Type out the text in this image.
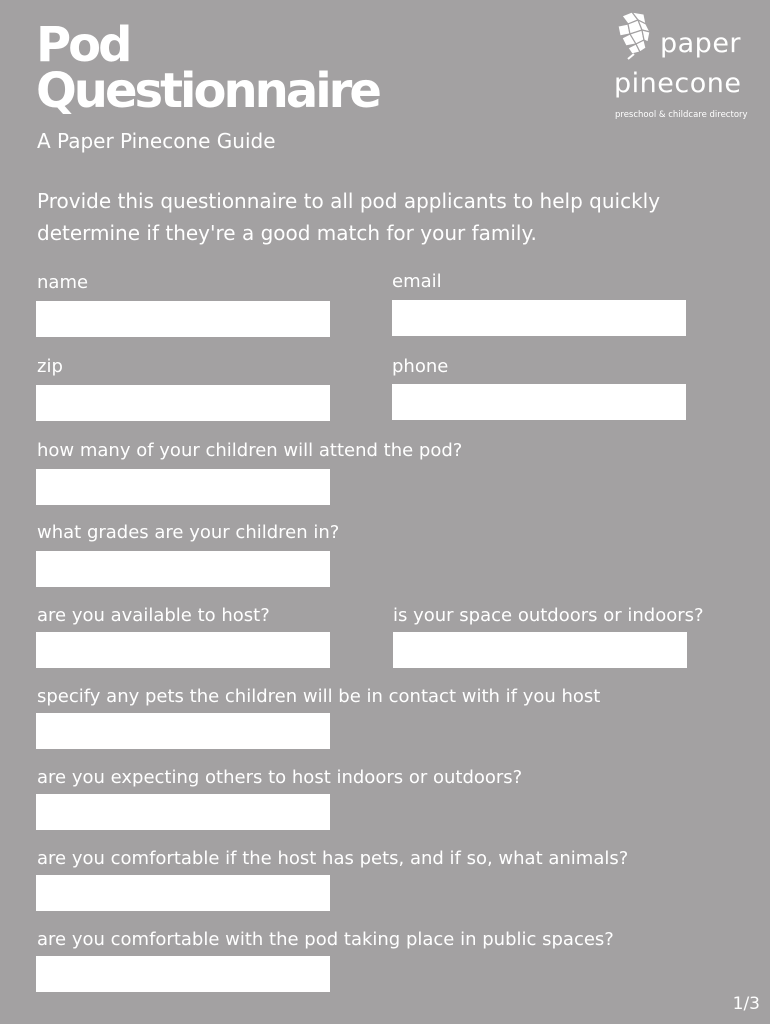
Pod
Questionnaire
A Paper Pinecone Guide
paper
pinecone
preschool & childcare directory
Provide this questionnaire to all pod applicants to help quickly determine if they're a good match for your family.
name	email
zip	phone
how many of your children will attend the pod?
what grades are your children in?
are you available to host?	is your space outdoors or indoors?
specify any pets the children will be in contact with if you host
are you expecting others to host indoors or outdoors?
are you comfortable if the host has pets, and if so, what animals?
are you comfortable with the pod taking place in public spaces?
1/3
